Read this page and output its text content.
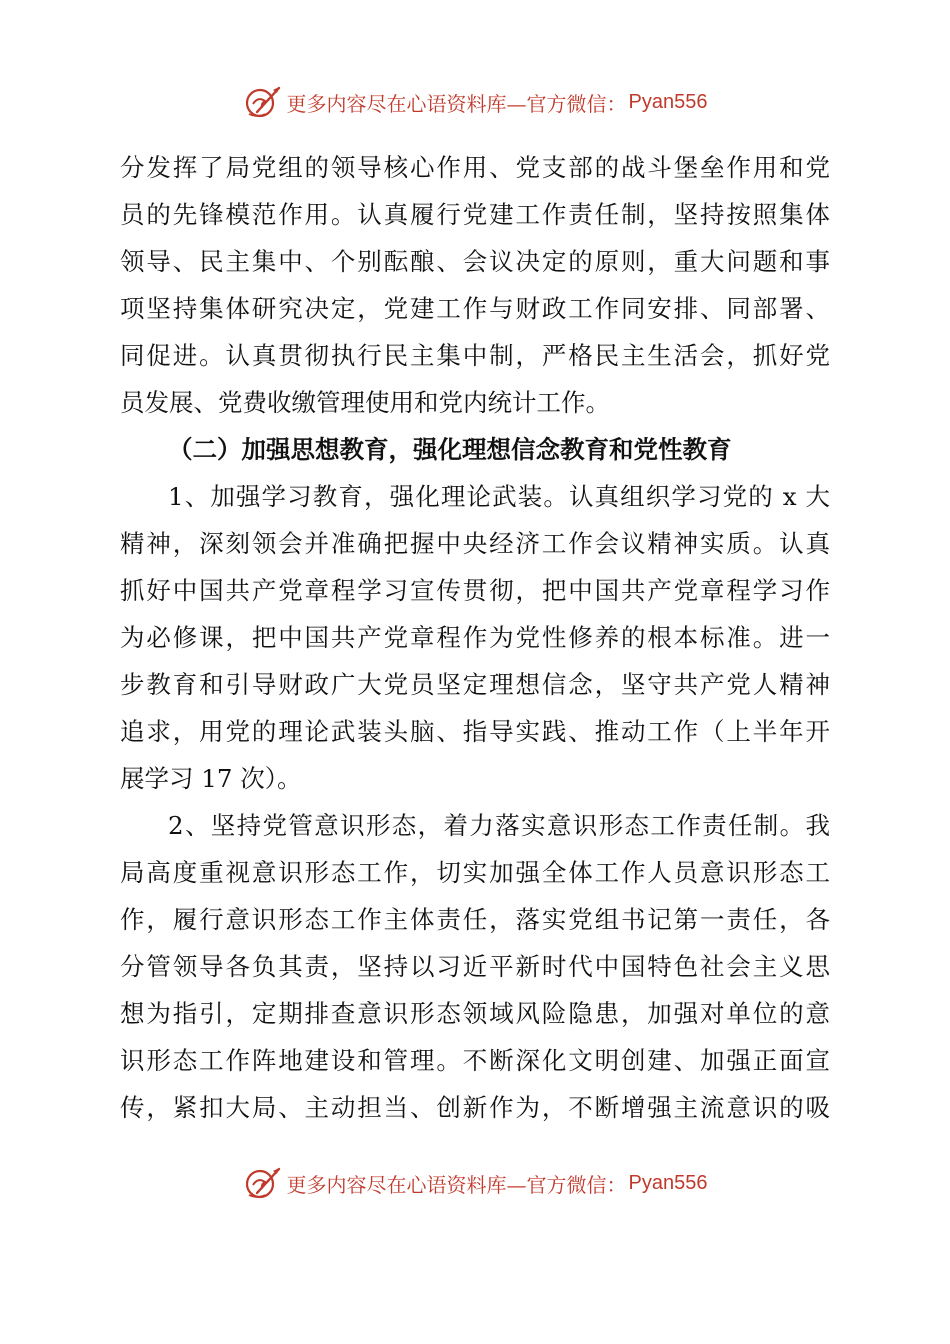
更多内容尽在心语资料库—官方微信： Pyan556
分发挥了局党组的领导核心作用、党支部的战斗堡垒作用和党
员的先锋模范作用。认真履行党建工作责任制，坚持按照集体
领导、民主集中、个别酝酿、会议决定的原则，重大问题和事
项坚持集体研究决定，党建工作与财政工作同安排、同部署、
同促进。认真贯彻执行民主集中制，严格民主生活会，抓好党
员发展、党费收缴管理使用和党内统计工作。
（二）加强思想教育，强化理想信念教育和党性教育
1、加强学习教育，强化理论武装。认真组织学习党的 x 大
精神，深刻领会并准确把握中央经济工作会议精神实质。认真
抓好中国共产党章程学习宣传贯彻，把中国共产党章程学习作
为必修课，把中国共产党章程作为党性修养的根本标准。进一
步教育和引导财政广大党员坚定理想信念，坚守共产党人精神
追求，用党的理论武装头脑、指导实践、推动工作（上半年开
展学习 17 次）。
2、坚持党管意识形态，着力落实意识形态工作责任制。我
局高度重视意识形态工作，切实加强全体工作人员意识形态工
作，履行意识形态工作主体责任，落实党组书记第一责任，各
分管领导各负其责，坚持以习近平新时代中国特色社会主义思
想为指引，定期排查意识形态领域风险隐患，加强对单位的意
识形态工作阵地建设和管理。不断深化文明创建、加强正面宣
传，紧扣大局、主动担当、创新作为，不断增强主流意识的吸
更多内容尽在心语资料库—官方微信： Pyan556
